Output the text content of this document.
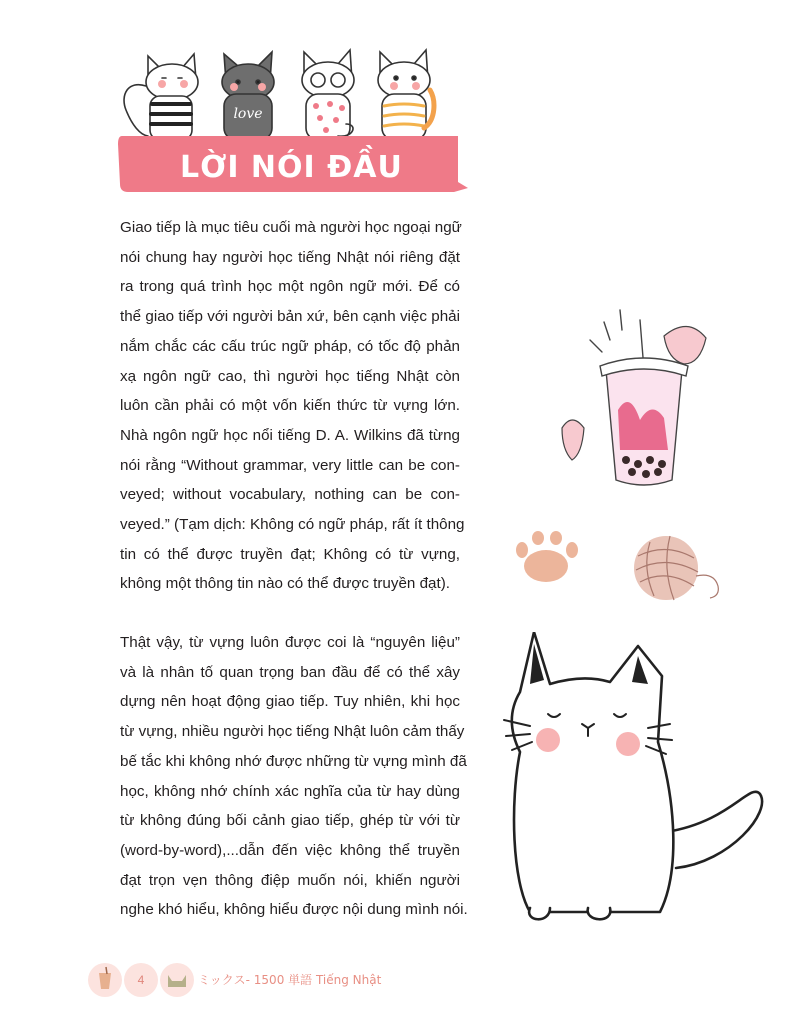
love
LỜI NÓI ĐẦU
Giao tiếp là mục tiêu cuối mà người học ngoại ngữ
nói chung hay người học tiếng Nhật nói riêng đặt
ra trong quá trình học một ngôn ngữ mới. Để có
thể giao tiếp với người bản xứ, bên cạnh việc phải
nắm chắc các cấu trúc ngữ pháp, có tốc độ phản
xạ ngôn ngữ cao, thì người học tiếng Nhật còn
luôn cần phải có một vốn kiến thức từ vựng lớn.
Nhà ngôn ngữ học nổi tiếng D. A. Wilkins đã từng
nói rằng “Without grammar, very little can be con-
veyed; without vocabulary, nothing can be con-
veyed.” (Tạm dịch: Không có ngữ pháp, rất ít thông
tin có thể được truyền đạt; Không có từ vựng,
không một thông tin nào có thể được truyền đạt).
Thật vậy, từ vựng luôn được coi là “nguyên liệu”
và là nhân tố quan trọng ban đầu để có thể xây
dựng nên hoạt động giao tiếp. Tuy nhiên, khi học
từ vựng, nhiều người học tiếng Nhật luôn cảm thấy
bế tắc khi không nhớ được những từ vựng mình đã
học, không nhớ chính xác nghĩa của từ hay dùng
từ không đúng bối cảnh giao tiếp, ghép từ với từ
(word-by-word),...dẫn đến việc không thể truyền
đạt trọn vẹn thông điệp muốn nói, khiến người
nghe khó hiểu, không hiểu được nội dung mình nói.
4	ミックス- 1500 単語 Tiếng Nhật
